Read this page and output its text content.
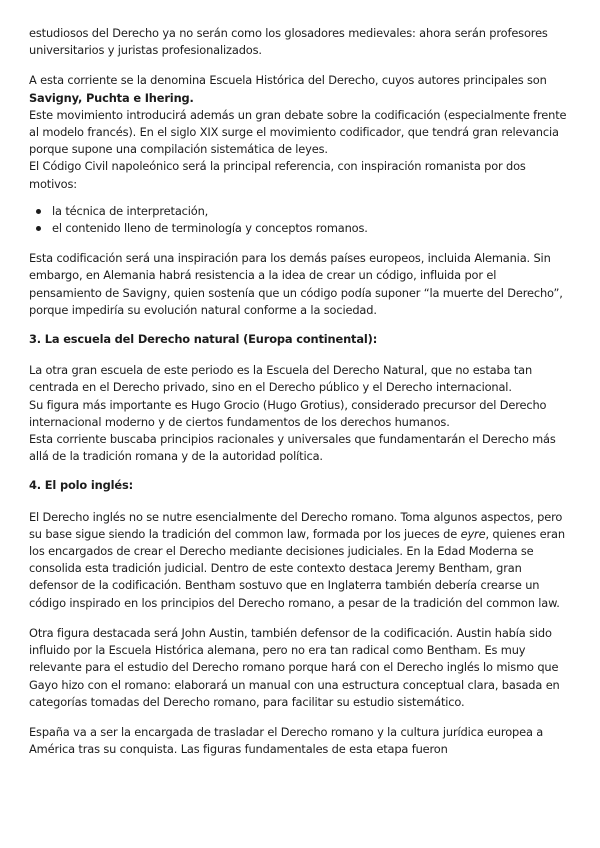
estudiosos del Derecho ya no serán como los glosadores medievales: ahora serán profesores universitarios y juristas profesionalizados.

A esta corriente se la denomina Escuela Histórica del Derecho, cuyos autores principales son Savigny, Puchta e Ihering.
Este movimiento introducirá además un gran debate sobre la codificación (especialmente frente al modelo francés). En el siglo XIX surge el movimiento codificador, que tendrá gran relevancia porque supone una compilación sistemática de leyes.
El Código Civil napoleónico será la principal referencia, con inspiración romanista por dos motivos:

la técnica de interpretación,
el contenido lleno de terminología y conceptos romanos.

Esta codificación será una inspiración para los demás países europeos, incluida Alemania. Sin embargo, en Alemania habrá resistencia a la idea de crear un código, influida por el pensamiento de Savigny, quien sostenía que un código podía suponer “la muerte del Derecho”, porque impediría su evolución natural conforme a la sociedad.

3. La escuela del Derecho natural (Europa continental):

La otra gran escuela de este periodo es la Escuela del Derecho Natural, que no estaba tan centrada en el Derecho privado, sino en el Derecho público y el Derecho internacional.
Su figura más importante es Hugo Grocio (Hugo Grotius), considerado precursor del Derecho internacional moderno y de ciertos fundamentos de los derechos humanos.
Esta corriente buscaba principios racionales y universales que fundamentarán el Derecho más allá de la tradición romana y de la autoridad política.

4. El polo inglés:

El Derecho inglés no se nutre esencialmente del Derecho romano. Toma algunos aspectos, pero su base sigue siendo la tradición del common law, formada por los jueces de eyre, quienes eran los encargados de crear el Derecho mediante decisiones judiciales. En la Edad Moderna se consolida esta tradición judicial. Dentro de este contexto destaca Jeremy Bentham, gran defensor de la codificación. Bentham sostuvo que en Inglaterra también debería crearse un código inspirado en los principios del Derecho romano, a pesar de la tradición del common law.

Otra figura destacada será John Austin, también defensor de la codificación. Austin había sido influido por la Escuela Histórica alemana, pero no era tan radical como Bentham. Es muy relevante para el estudio del Derecho romano porque hará con el Derecho inglés lo mismo que Gayo hizo con el romano: elaborará un manual con una estructura conceptual clara, basada en categorías tomadas del Derecho romano, para facilitar su estudio sistemático.

España va a ser la encargada de trasladar el Derecho romano y la cultura jurídica europea a América tras su conquista. Las figuras fundamentales de esta etapa fueron
